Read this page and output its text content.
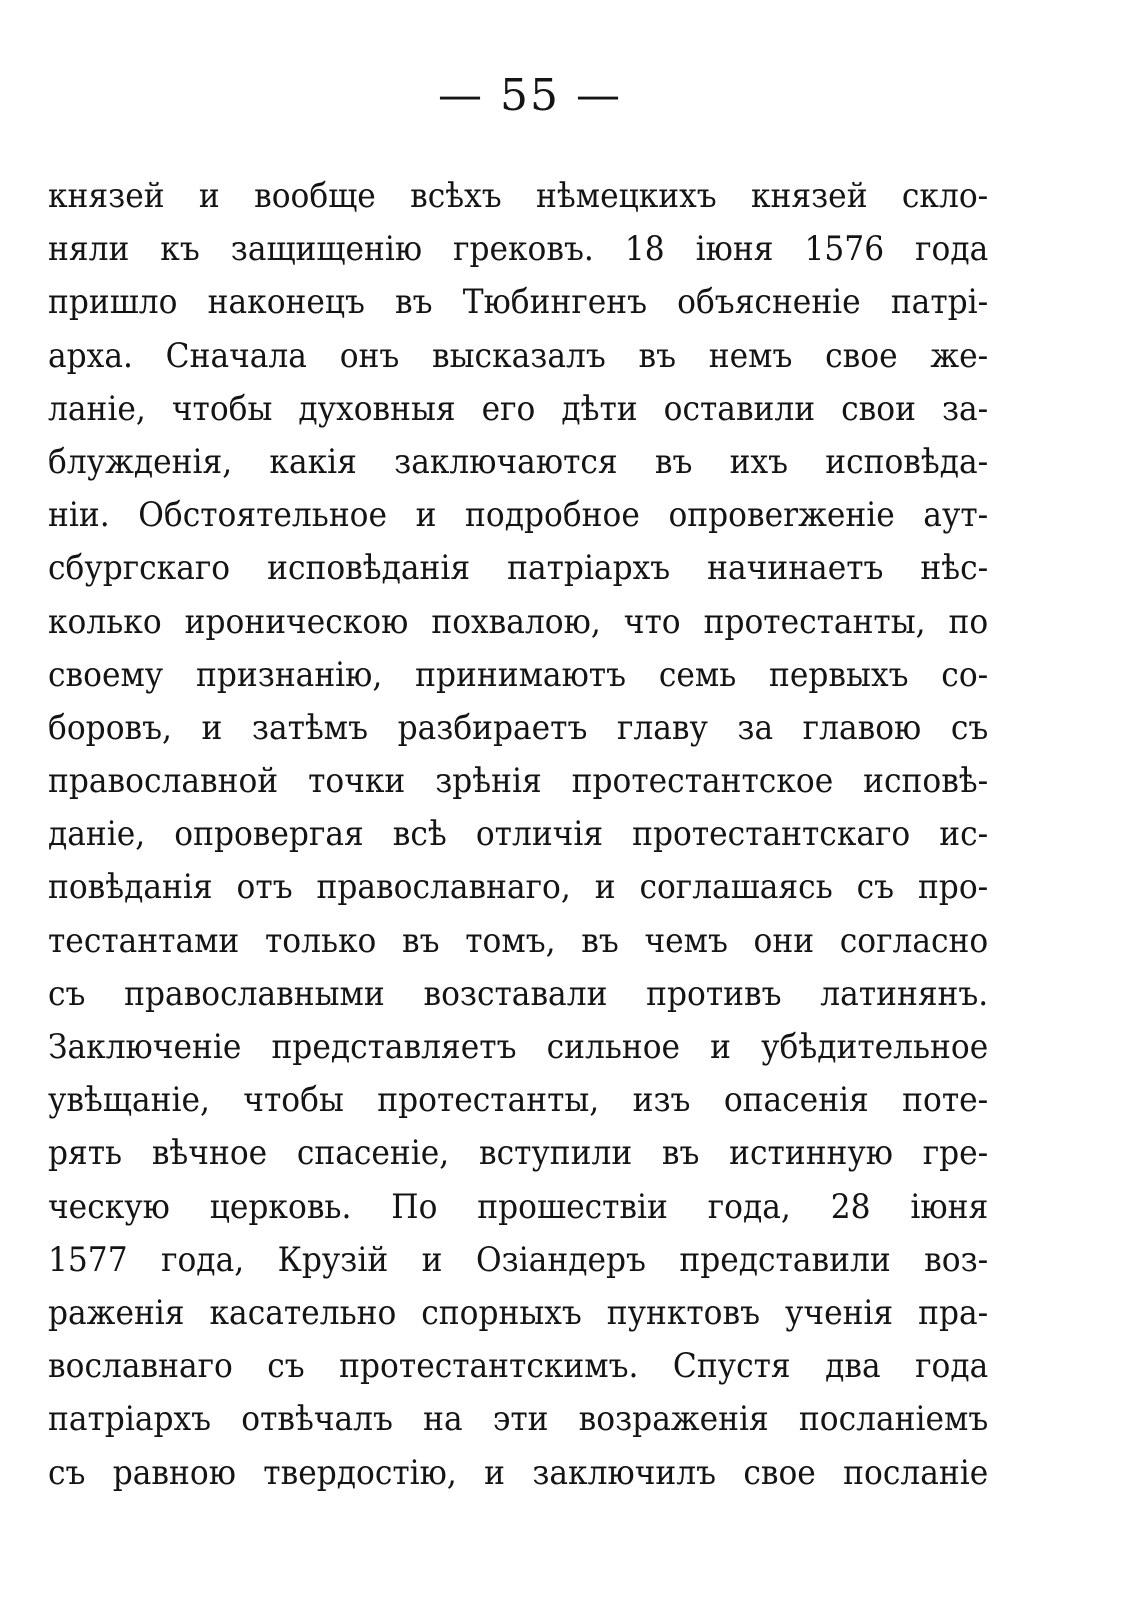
— 55 —
князей и вообще всѣхъ нѣмецкихъ князей скло-
няли къ защищенію грековъ. 18 іюня 1576 года
пришло наконецъ въ Тюбингенъ объясненіе патрі-
арха. Сначала онъ высказалъ въ немъ свое же-
ланіе, чтобы духовныя его дѣти оставили свои за-
блужденія, какія заключаются въ ихъ исповѣда-
ніи. Обстоятельное и подробное опровerженіе аут-
сбургскаго исповѣданія патріархъ начинаетъ нѣс-
колько ироническою похвалою, что протестанты, по
своему признанію, принимаютъ семь первыхъ со-
боровъ, и затѣмъ разбираетъ главу за главою съ
православной точки зрѣнія протестантское исповѣ-
даніе, опровергая всѣ отличія протестантскаго ис-
повѣданія отъ православнаго, и соглашаясь съ про-
тестантами только въ томъ, въ чемъ они согласно
съ православными возставали противъ латинянъ.
Заключеніе представляетъ сильное и убѣдительное
увѣщаніе, чтобы протестанты, изъ опасенія поте-
рять вѣчное спасеніе, вступили въ истинную гре-
ческую церковь. По прошествіи года, 28 іюня
1577 года, Крузій и Озіандеръ представили воз-
раженія касательно спорныхъ пунктовъ ученія пра-
вославнаго съ протестантскимъ. Спустя два года
патріархъ отвѣчалъ на эти возраженія посланіемъ
съ равною твердостію, и заключилъ свое посланіе
